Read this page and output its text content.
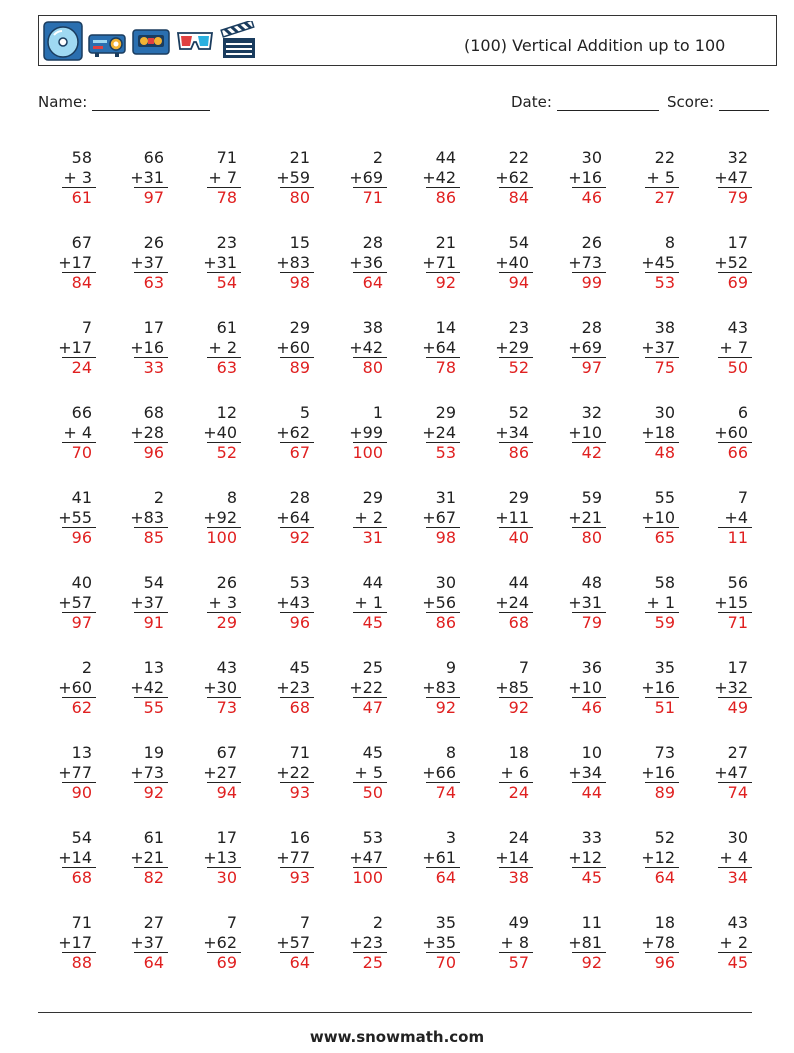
(100) Vertical Addition up to 100
Name:	Date:	Score:
58
+ 3
61
66
+31
97
71
+ 7
78
21
+59
80
2
+69
71
44
+42
86
22
+62
84
30
+16
46
22
+ 5
27
32
+47
79
67
+17
84
26
+37
63
23
+31
54
15
+83
98
28
+36
64
21
+71
92
54
+40
94
26
+73
99
8
+45
53
17
+52
69
7
+17
24
17
+16
33
61
+ 2
63
29
+60
89
38
+42
80
14
+64
78
23
+29
52
28
+69
97
38
+37
75
43
+ 7
50
66
+ 4
70
68
+28
96
12
+40
52
5
+62
67
1
+99
100
29
+24
53
52
+34
86
32
+10
42
30
+18
48
6
+60
66
41
+55
96
2
+83
85
8
+92
100
28
+64
92
29
+ 2
31
31
+67
98
29
+11
40
59
+21
80
55
+10
65
7
+4
11
40
+57
97
54
+37
91
26
+ 3
29
53
+43
96
44
+ 1
45
30
+56
86
44
+24
68
48
+31
79
58
+ 1
59
56
+15
71
2
+60
62
13
+42
55
43
+30
73
45
+23
68
25
+22
47
9
+83
92
7
+85
92
36
+10
46
35
+16
51
17
+32
49
13
+77
90
19
+73
92
67
+27
94
71
+22
93
45
+ 5
50
8
+66
74
18
+ 6
24
10
+34
44
73
+16
89
27
+47
74
54
+14
68
61
+21
82
17
+13
30
16
+77
93
53
+47
100
3
+61
64
24
+14
38
33
+12
45
52
+12
64
30
+ 4
34
71
+17
88
27
+37
64
7
+62
69
7
+57
64
2
+23
25
35
+35
70
49
+ 8
57
11
+81
92
18
+78
96
43
+ 2
45
www.snowmath.com
